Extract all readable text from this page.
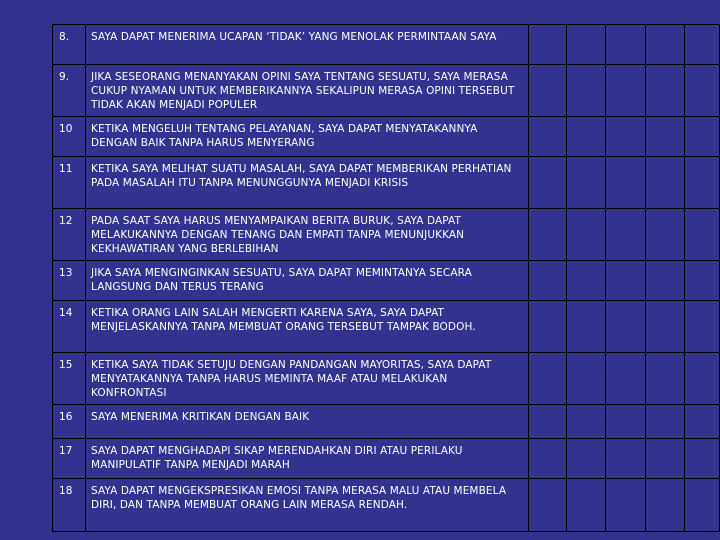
8.	SAYA DAPAT MENERIMA UCAPAN ‘TIDAK’ YANG MENOLAK PERMINTAAN SAYA					
9.	JIKA SESEORANG MENANYAKAN OPINI SAYA TENTANG SESUATU, SAYA MERASA CUKUP NYAMAN UNTUK MEMBERIKANNYA SEKALIPUN MERASA OPINI TERSEBUT TIDAK AKAN MENJADI POPULER					
10	KETIKA MENGELUH TENTANG PELAYANAN, SAYA DAPAT MENYATAKANNYA DENGAN BAIK TANPA HARUS MENYERANG					
11	KETIKA SAYA MELIHAT SUATU MASALAH, SAYA DAPAT MEMBERIKAN PERHATIAN PADA MASALAH ITU TANPA MENUNGGUNYA MENJADI KRISIS					
12	PADA SAAT SAYA HARUS MENYAMPAIKAN BERITA BURUK, SAYA DAPAT MELAKUKANNYA DENGAN TENANG DAN EMPATI TANPA MENUNJUKKAN KEKHAWATIRAN YANG BERLEBIHAN					
13	JIKA SAYA MENGINGINKAN SESUATU, SAYA DAPAT MEMINTANYA SECARA LANGSUNG DAN TERUS TERANG					
14	KETIKA ORANG LAIN SALAH MENGERTI KARENA SAYA, SAYA DAPAT MENJELASKANNYA TANPA MEMBUAT ORANG TERSEBUT TAMPAK BODOH.					
15	KETIKA SAYA TIDAK SETUJU DENGAN PANDANGAN MAYORITAS, SAYA DAPAT MENYATAKANNYA TANPA HARUS MEMINTA MAAF ATAU MELAKUKAN KONFRONTASI					
16	SAYA MENERIMA KRITIKAN DENGAN BAIK					
17	SAYA DAPAT MENGHADAPI SIKAP MERENDAHKAN DIRI ATAU PERILAKU MANIPULATIF TANPA MENJADI MARAH					
18	SAYA DAPAT MENGEKSPRESIKAN EMOSI TANPA MERASA MALU ATAU MEMBELA DIRI, DAN TANPA MEMBUAT ORANG LAIN MERASA RENDAH.					
